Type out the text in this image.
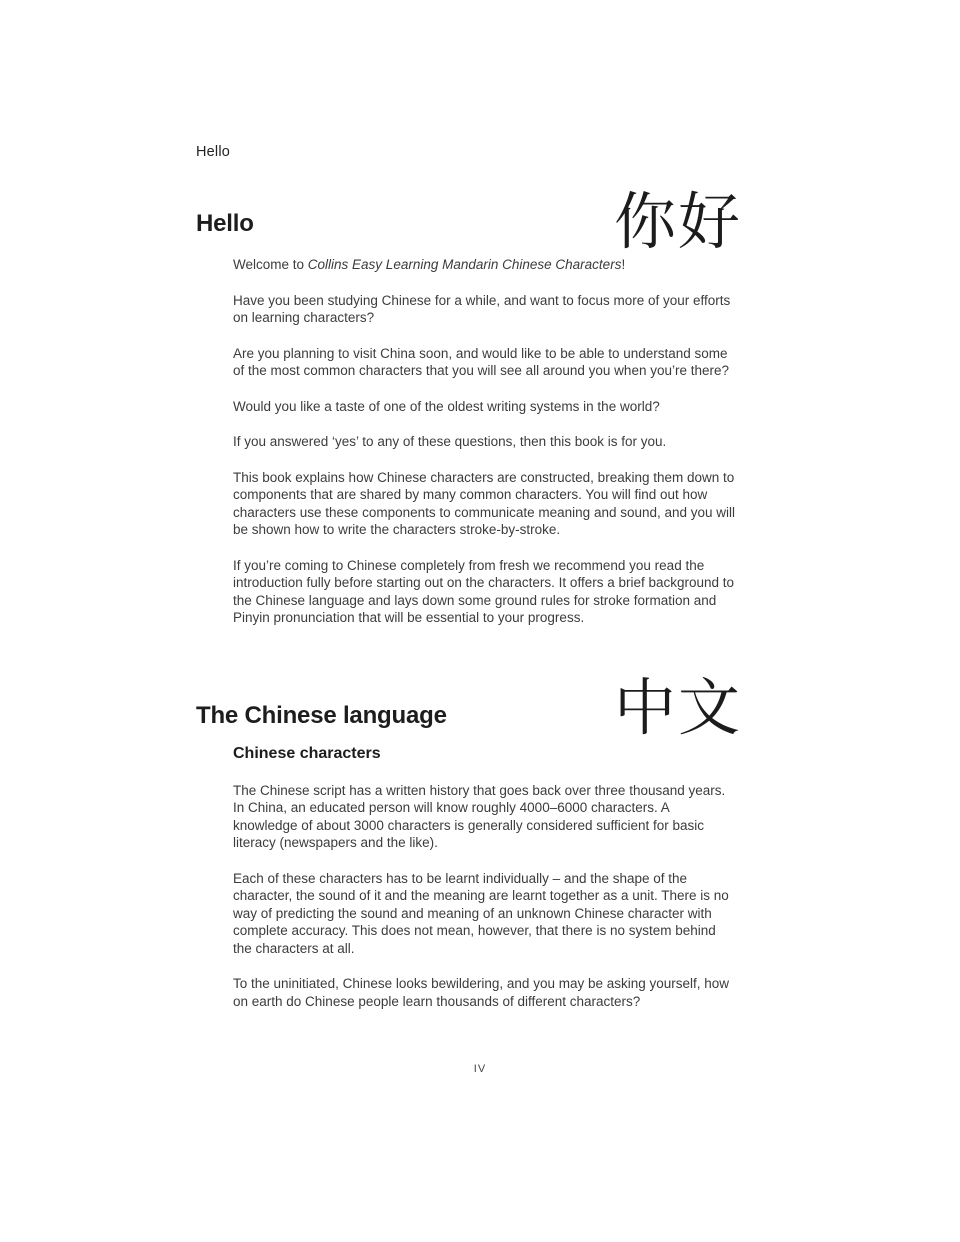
Hello
Hello	你好

Welcome to Collins Easy Learning Mandarin Chinese Characters!

Have you been studying Chinese for a while, and want to focus more of your efforts on learning characters?

Are you planning to visit China soon, and would like to be able to understand some of the most common characters that you will see all around you when you’re there?

Would you like a taste of one of the oldest writing systems in the world?

If you answered ‘yes’ to any of these questions, then this book is for you.

This book explains how Chinese characters are constructed, breaking them down to components that are shared by many common characters. You will find out how characters use these components to communicate meaning and sound, and you will be shown how to write the characters stroke-by-stroke.

If you’re coming to Chinese completely from fresh we recommend you read the introduction fully before starting out on the characters. It offers a brief background to the Chinese language and lays down some ground rules for stroke formation and Pinyin pronunciation that will be essential to your progress.

The Chinese language	中文
Chinese characters

The Chinese script has a written history that goes back over three thousand years. In China, an educated person will know roughly 4000–6000 characters. A knowledge of about 3000 characters is generally considered sufficient for basic literacy (newspapers and the like).

Each of these characters has to be learnt individually – and the shape of the character, the sound of it and the meaning are learnt together as a unit. There is no way of predicting the sound and meaning of an unknown Chinese character with complete accuracy. This does not mean, however, that there is no system behind the characters at all.

To the uninitiated, Chinese looks bewildering, and you may be asking yourself, how on earth do Chinese people learn thousands of different characters?

IV
